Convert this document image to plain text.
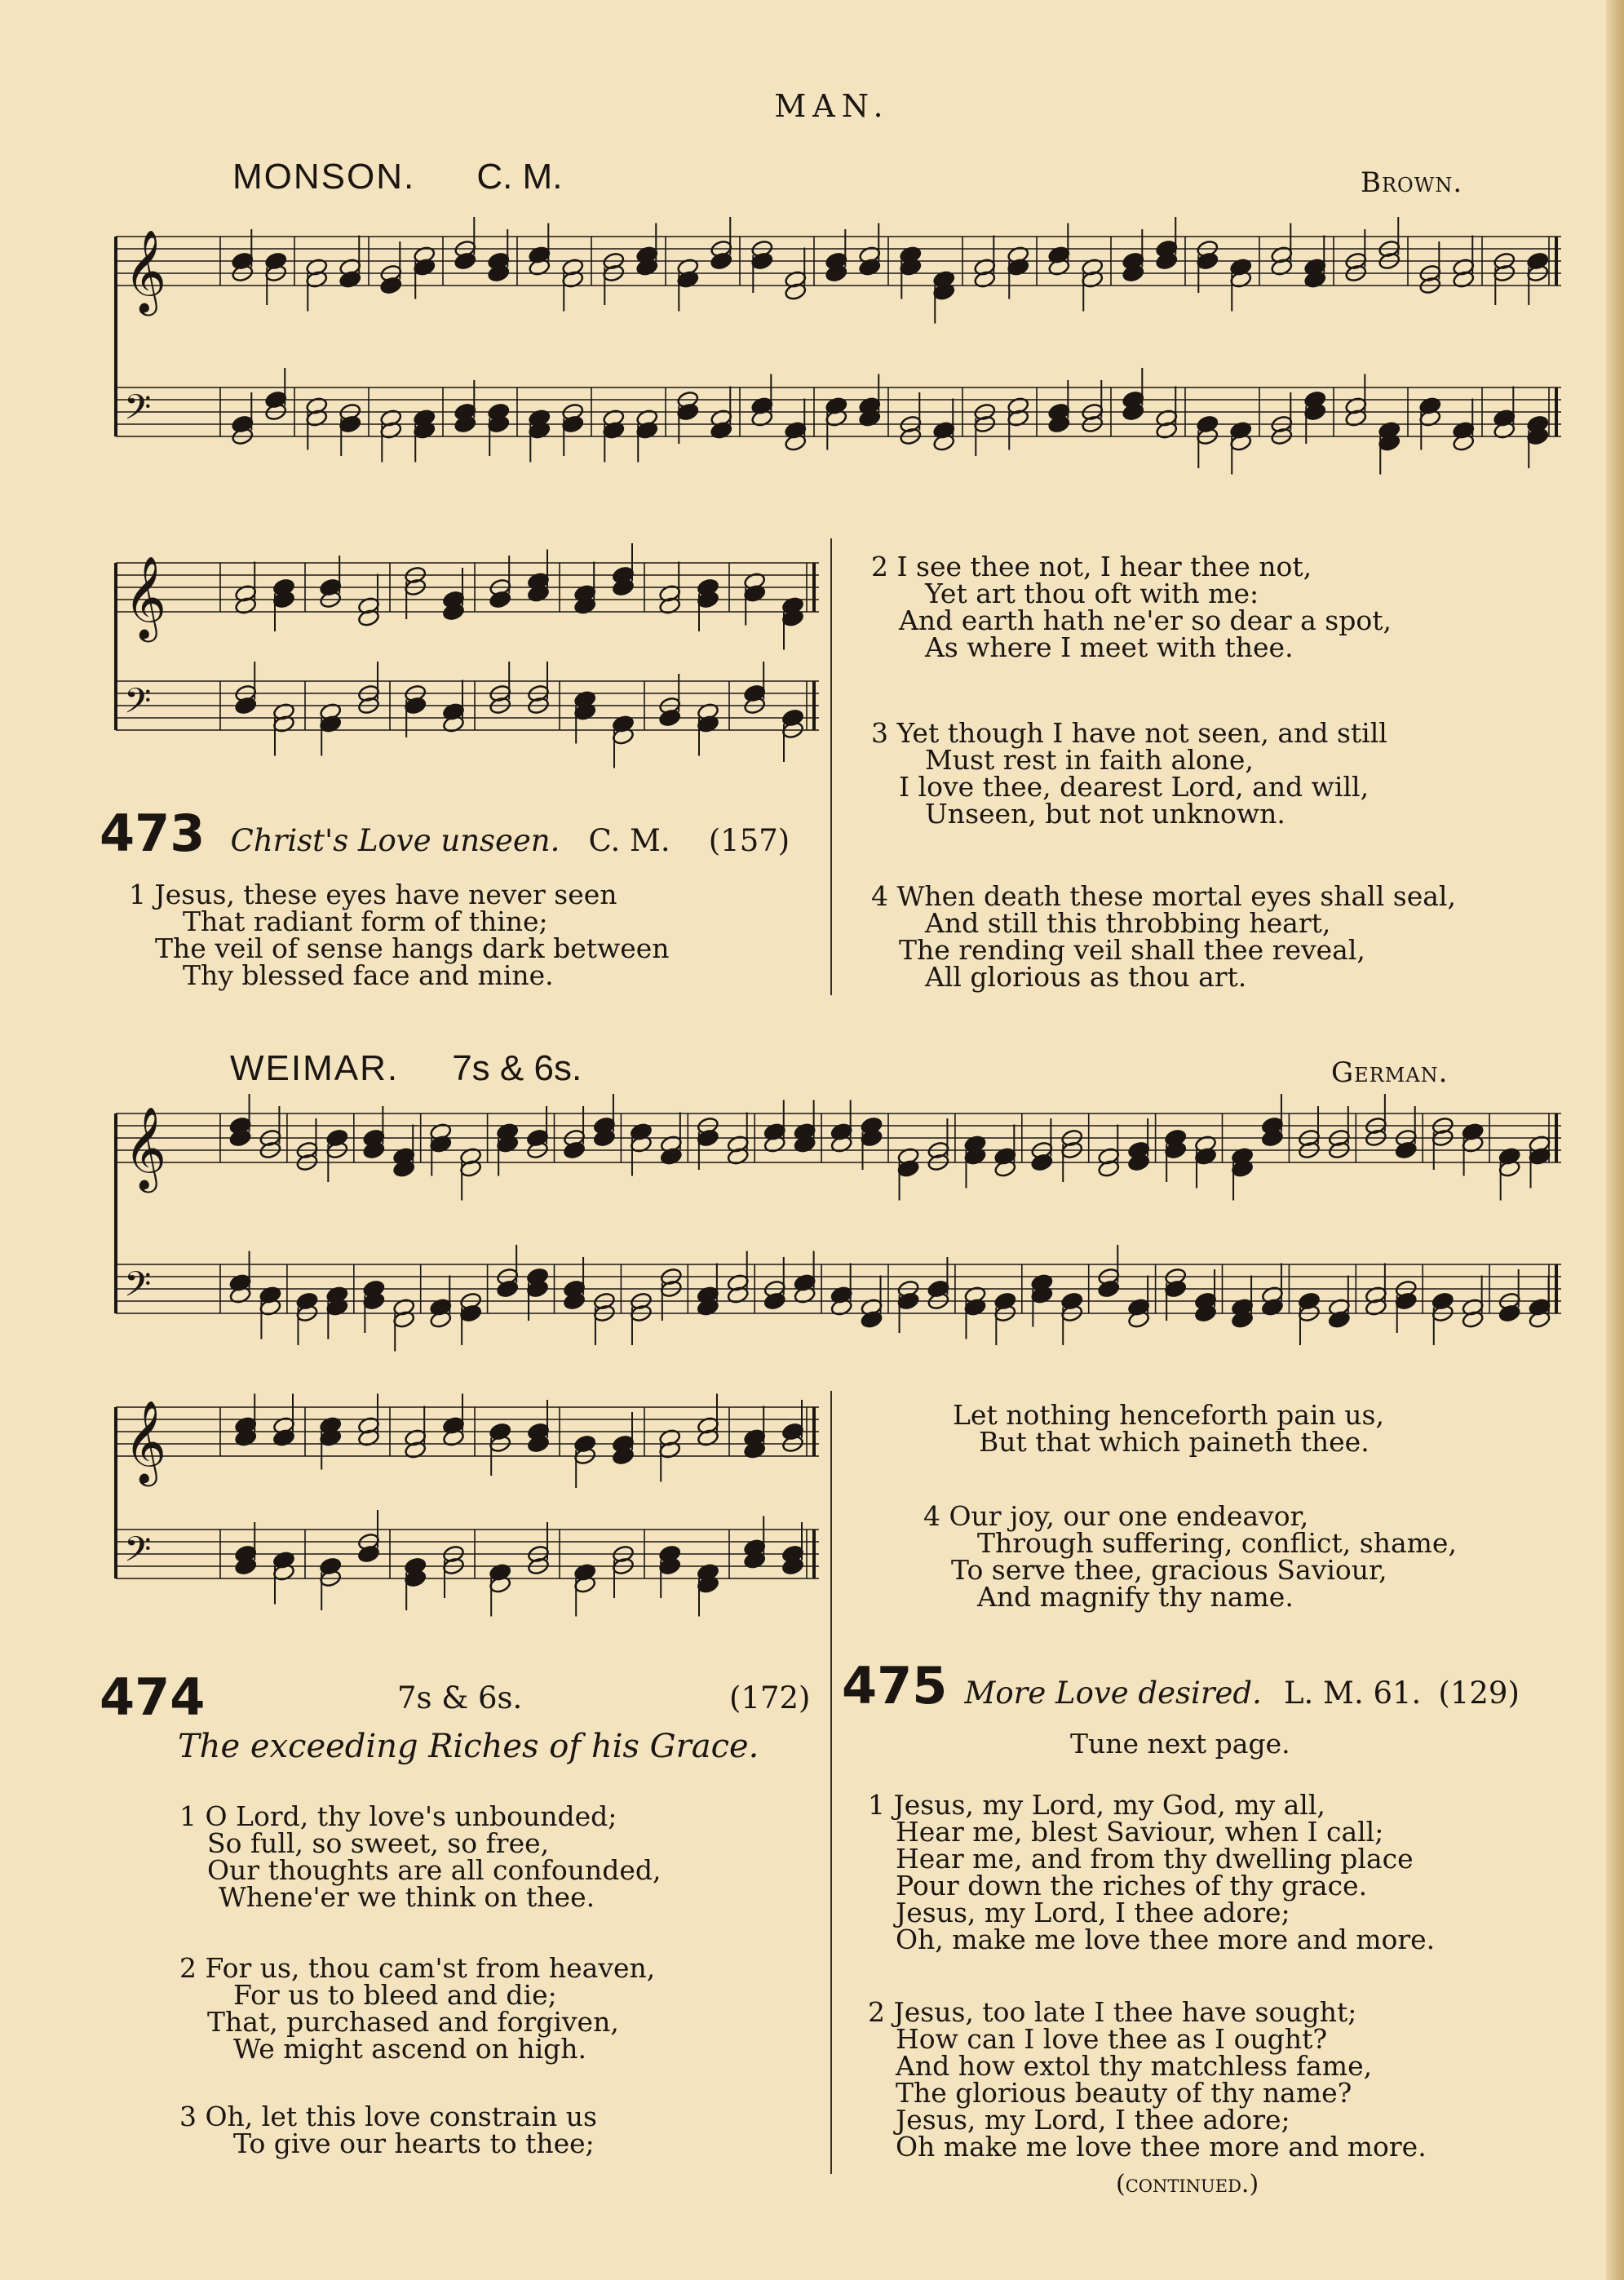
MAN.
MONSON. C. M.	Brown.
𝄞
𝄢
𝄞
𝄢
473 Christ's Love unseen. C. M. (157)
1 Jesus, these eyes have never seen
That radiant form of thine;
The veil of sense hangs dark between
Thy blessed face and mine.
2 I see thee not, I hear thee not,
Yet art thou oft with me:
And earth hath ne'er so dear a spot,
As where I meet with thee.
3 Yet though I have not seen, and still
Must rest in faith alone,
I love thee, dearest Lord, and will,
Unseen, but not unknown.
4 When death these mortal eyes shall seal,
And still this throbbing heart,
The rending veil shall thee reveal,
All glorious as thou art.
WEIMAR. 7s & 6s.	German.
𝄞
𝄢
𝄞
𝄢
Let nothing henceforth pain us,
But that which paineth thee.
4 Our joy, our one endeavor,
Through suffering, conflict, shame,
To serve thee, gracious Saviour,
And magnify thy name.
474	7s & 6s.	(172)
The exceeding Riches of his Grace.
1 O Lord, thy love's unbounded;
So full, so sweet, so free,
Our thoughts are all confounded,
Whene'er we think on thee.
2 For us, thou cam'st from heaven,
For us to bleed and die;
That, purchased and forgiven,
We might ascend on high.
3 Oh, let this love constrain us
To give our hearts to thee;
475 More Love desired. L. M. 61. (129)
Tune next page.
1 Jesus, my Lord, my God, my all,
Hear me, blest Saviour, when I call;
Hear me, and from thy dwelling place
Pour down the riches of thy grace.
Jesus, my Lord, I thee adore;
Oh, make me love thee more and more.
2 Jesus, too late I thee have sought;
How can I love thee as I ought?
And how extol thy matchless fame,
The glorious beauty of thy name?
Jesus, my Lord, I thee adore;
Oh make me love thee more and more.
(continued.)
